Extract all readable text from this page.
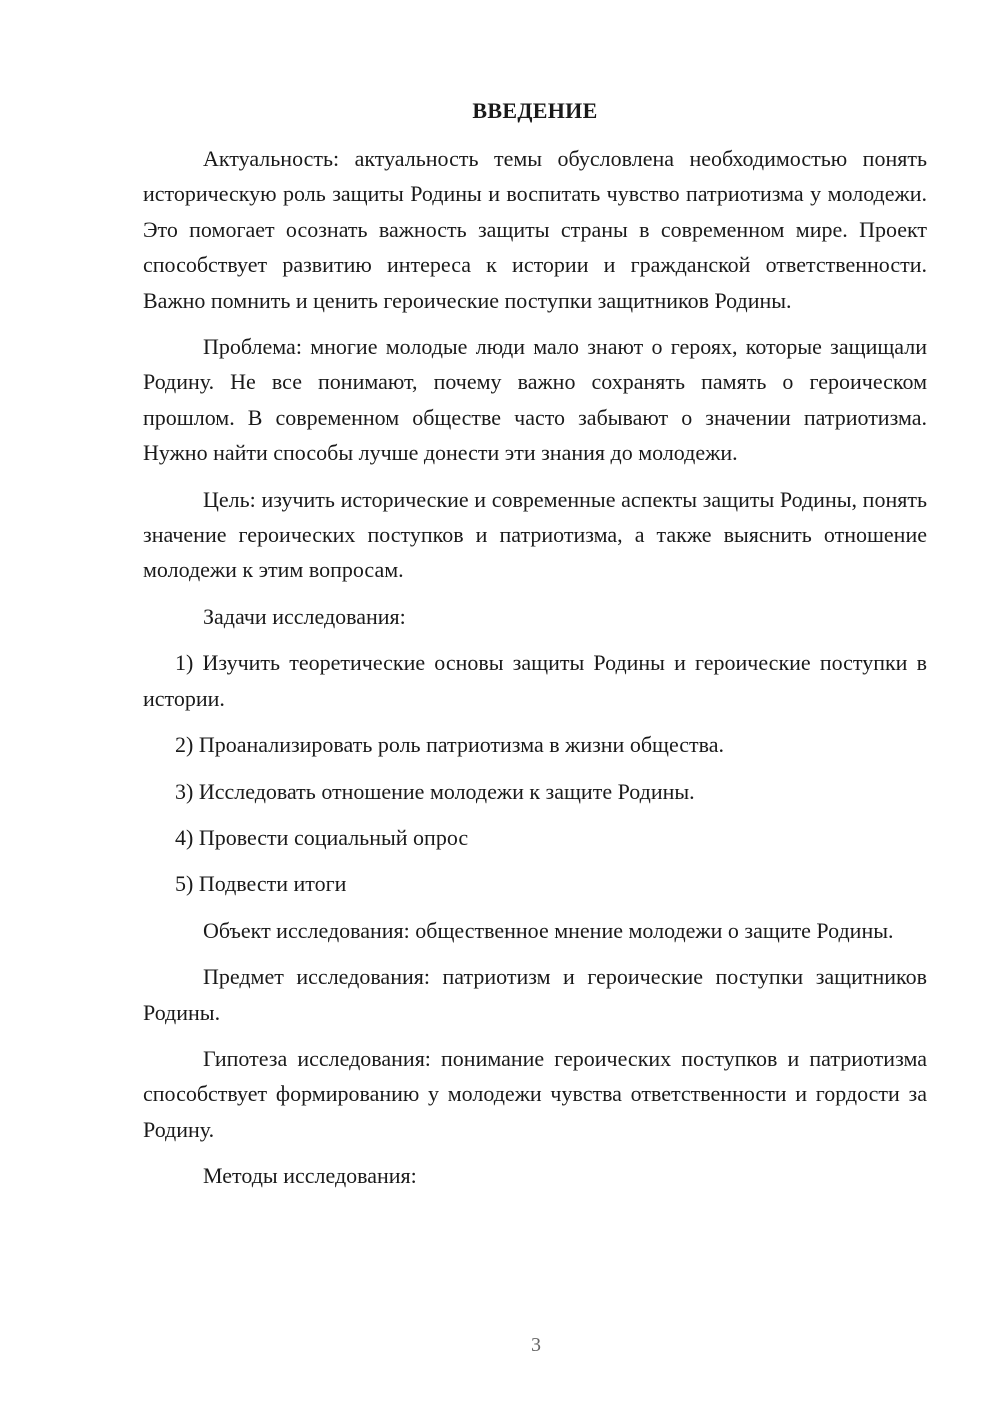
ВВЕДЕНИЕ

Актуальность: актуальность темы обусловлена необходимостью понять историческую роль защиты Родины и воспитать чувство патриотизма у молодежи. Это помогает осознать важность защиты страны в современном мире. Проект способствует развитию интереса к истории и гражданской ответственности. Важно помнить и ценить героические поступки защитников Родины.

Проблема: многие молодые люди мало знают о героях, которые защищали Родину. Не все понимают, почему важно сохранять память о героическом прошлом. В современном обществе часто забывают о значении патриотизма. Нужно найти способы лучше донести эти знания до молодежи.

Цель: изучить исторические и современные аспекты защиты Родины, понять значение героических поступков и патриотизма, а также выяснить отношение молодежи к этим вопросам.

Задачи исследования:

1) Изучить теоретические основы защиты Родины и героические поступки в истории.

2) Проанализировать роль патриотизма в жизни общества.

3) Исследовать отношение молодежи к защите Родины.

4) Провести социальный опрос

5) Подвести итоги

Объект исследования: общественное мнение молодежи о защите Родины.

Предмет исследования: патриотизм и героические поступки защитников Родины.

Гипотеза исследования: понимание героических поступков и патриотизма способствует формированию у молодежи чувства ответственности и гордости за Родину.

Методы исследования:

3
